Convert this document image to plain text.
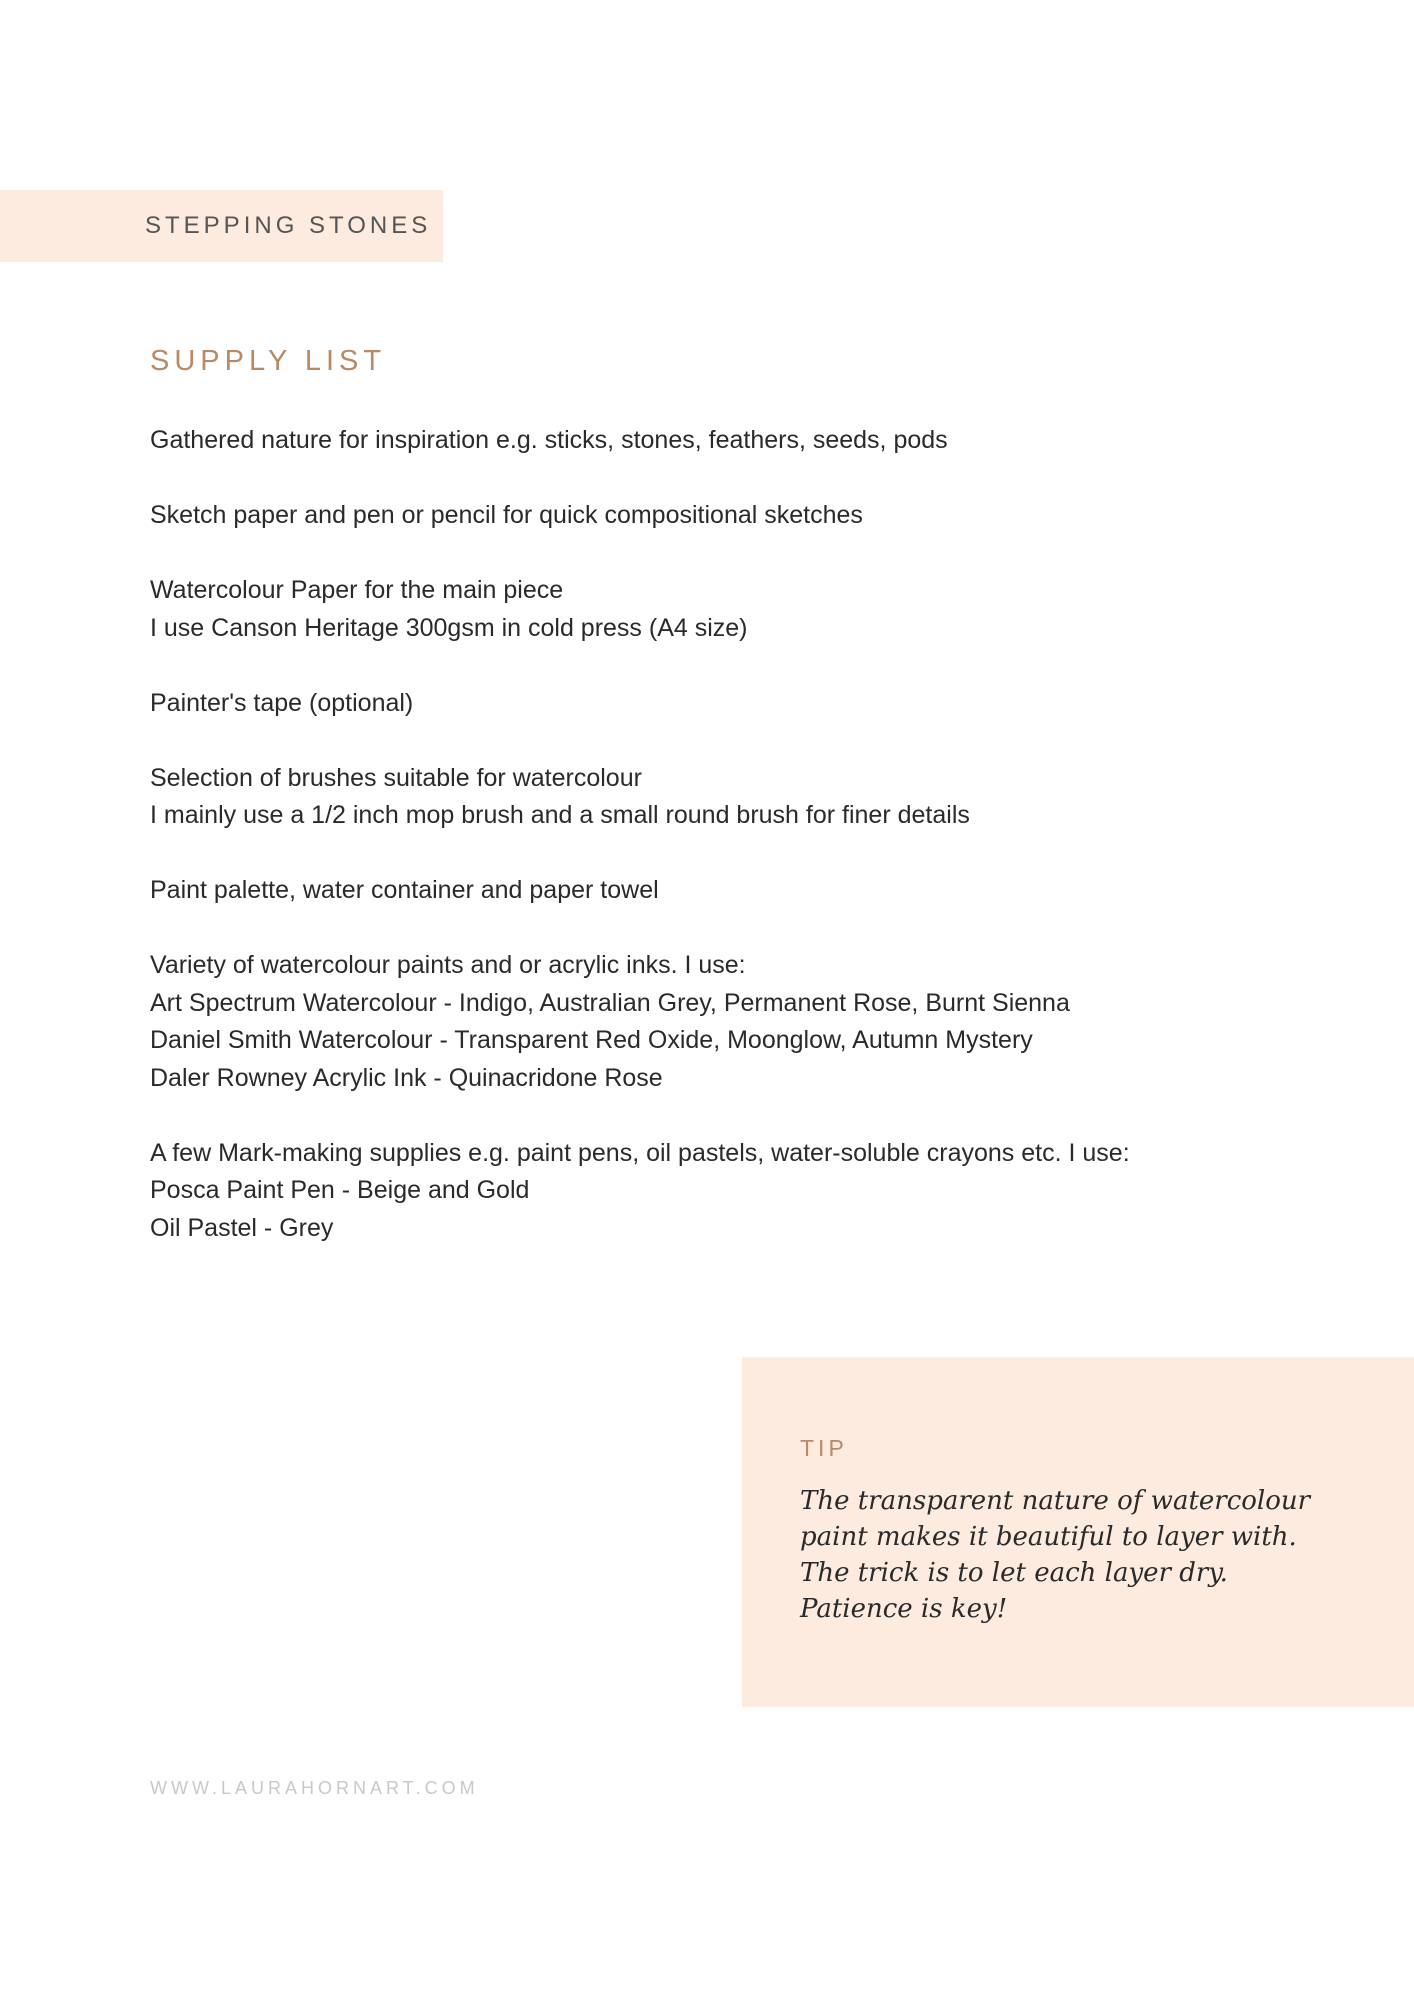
STEPPING STONES
SUPPLY LIST
Gathered nature for inspiration e.g. sticks, stones, feathers, seeds, pods
Sketch paper and pen or pencil for quick compositional sketches
Watercolour Paper for the main piece
I use Canson Heritage 300gsm in cold press (A4 size)
Painter's tape (optional)
Selection of brushes suitable for watercolour
I mainly use a 1/2 inch mop brush and a small round brush for finer details
Paint palette, water container and paper towel
Variety of watercolour paints and or acrylic inks. I use:
Art Spectrum Watercolour - Indigo, Australian Grey, Permanent Rose, Burnt Sienna
Daniel Smith Watercolour - Transparent Red Oxide, Moonglow, Autumn Mystery
Daler Rowney Acrylic Ink - Quinacridone Rose
A few Mark-making supplies e.g. paint pens, oil pastels, water-soluble crayons etc. I use:
Posca Paint Pen - Beige and Gold
Oil Pastel - Grey
TIP

The transparent nature of watercolour
paint makes it beautiful to layer with.
The trick is to let each layer dry.
Patience is key!

WWW.LAURAHORNART.COM
